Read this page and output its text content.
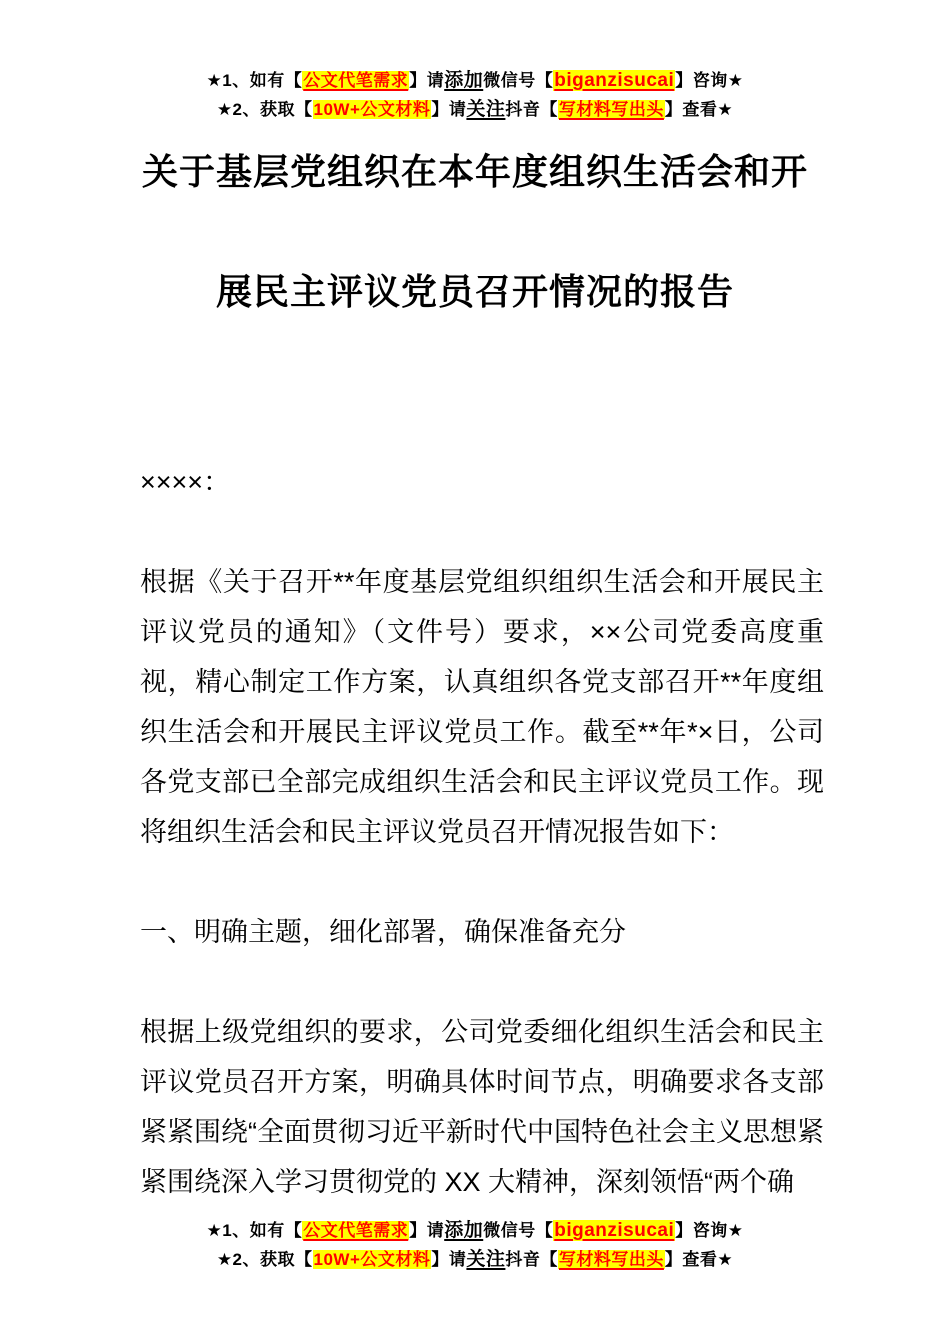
★1、如有【公文代笔需求】请添加微信号【biganzisucai】咨询★
★2、获取【10W+公文材料】请关注抖音【写材料写出头】查看★
关于基层党组织在本年度组织生活会和开
展民主评议党员召开情况的报告
××××：
根据《关于召开**年度基层党组织组织生活会和开展民主评议党员的通知》（文件号）要求，××公司党委高度重视，精心制定工作方案，认真组织各党支部召开**年度组织生活会和开展民主评议党员工作。截至**年*×日，公司各党支部已全部完成组织生活会和民主评议党员工作。现将组织生活会和民主评议党员召开情况报告如下：
一、明确主题，细化部署，确保准备充分
根据上级党组织的要求，公司党委细化组织生活会和民主评议党员召开方案，明确具体时间节点，明确要求各支部紧紧围绕“全面贯彻习近平新时代中国特色社会主义思想紧紧围绕深入学习贯彻党的 XX 大精神，深刻领悟“两个确
★1、如有【公文代笔需求】请添加微信号【biganzisucai】咨询★
★2、获取【10W+公文材料】请关注抖音【写材料写出头】查看★
